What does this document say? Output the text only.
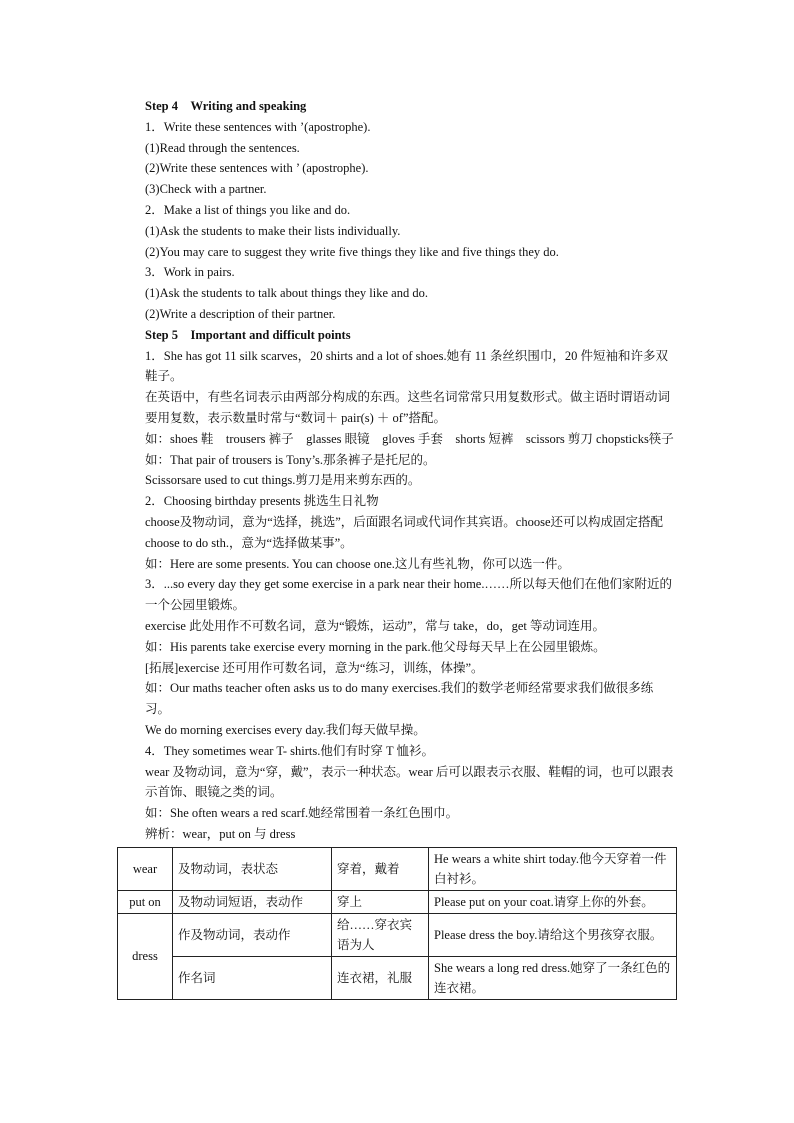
Step 4    Writing and speaking
1．Write these sentences with ’(apostrophe).
(1)Read through the sentences.
(2)Write these sentences with ’ (apostrophe).
(3)Check with a partner.
2．Make a list of things you like and do.
(1)Ask the students to make their lists individually.
(2)You may care to suggest they write five things they like and five things they do.
3．Work in pairs.
(1)Ask the students to talk about things they like and do.
(2)Write a description of their partner.
Step 5    Important and difficult points
1．She has got 11 silk scarves，20 shirts and a lot of shoes.她有 11 条丝织围巾，20 件短袖和许多双鞋子。
在英语中，有些名词表示由两部分构成的东西。这些名词常常只用复数形式。做主语时谓语动词要用复数，表示数量时常与“数词＋ pair(s) ＋ of”搭配。
如：shoes 鞋    trousers 裤子    glasses 眼镜    gloves 手套    shorts 短裤    scissors 剪刀 chopsticks筷子
如：That pair of trousers is Tony’s.那条裤子是托尼的。
Scissorsare used to cut things.剪刀是用来剪东西的。
2．Choosing birthday presents 挑选生日礼物
choose及物动词，意为“选择，挑选”，后面跟名词或代词作其宾语。choose还可以构成固定搭配 choose to do sth.，意为“选择做某事”。
如：Here are some presents. You can choose one.这儿有些礼物，你可以选一件。
3．...so every day they get some exercise in a park near their home.……所以每天他们在他们家附近的一个公园里锻炼。
exercise 此处用作不可数名词，意为“锻炼，运动”，常与 take，do，get 等动词连用。
如：His parents take exercise every morning in the park.他父母每天早上在公园里锻炼。
[拓展]exercise 还可用作可数名词，意为“练习，训练，体操”。
如：Our maths teacher often asks us to do many exercises.我们的数学老师经常要求我们做很多练习。
We do morning exercises every day.我们每天做早操。
4．They sometimes wear T- shirts.他们有时穿 T 恤衫。
wear 及物动词，意为“穿，戴”，表示一种状态。wear 后可以跟表示衣服、鞋帽的词，也可以跟表示首饰、眼镜之类的词。
如：She often wears a red scarf.她经常围着一条红色围巾。
辨析：wear，put on 与 dress
wear	及物动词，表状态	穿着，戴着	He wears a white shirt today.他今天穿着一件白衬衫。
put on	及物动词短语，表动作	穿上	Please put on your coat.请穿上你的外套。
dress	作及物动词，表动作	给……穿衣宾语为人	Please dress the boy.请给这个男孩穿衣服。
	作名词	连衣裙，礼服	She wears a long red dress.她穿了一条红色的连衣裙。
